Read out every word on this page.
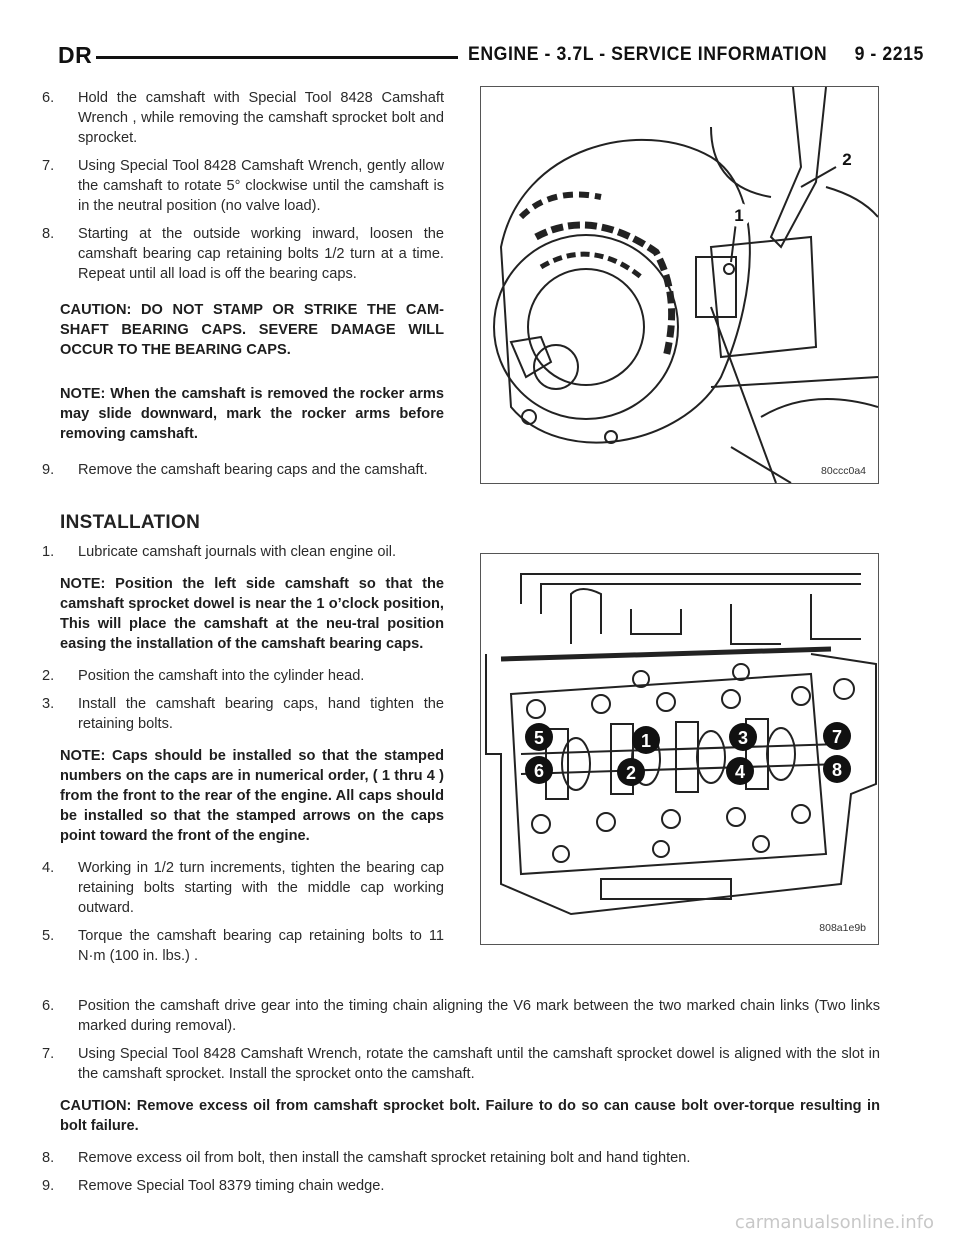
DR	ENGINE - 3.7L - SERVICE INFORMATION     9 - 2215
6. Hold the camshaft with Special Tool 8428 Camshaft Wrench , while removing the camshaft sprocket bolt and sprocket.
7. Using Special Tool 8428 Camshaft Wrench, gently allow the camshaft to rotate 5° clockwise until the camshaft is in the neutral position (no valve load).
8. Starting at the outside working inward, loosen the camshaft bearing cap retaining bolts 1/2 turn at a time. Repeat until all load is off the bearing caps.
CAUTION: DO NOT STAMP OR STRIKE THE CAM-SHAFT BEARING CAPS. SEVERE DAMAGE WILL OCCUR TO THE BEARING CAPS.
NOTE: When the camshaft is removed the rocker arms may slide downward, mark the rocker arms before removing camshaft.
9. Remove the camshaft bearing caps and the camshaft.
1
2
80ccc0a4
INSTALLATION
1. Lubricate camshaft journals with clean engine oil.
NOTE: Position the left side camshaft so that the camshaft sprocket dowel is near the 1 o’clock position, This will place the camshaft at the neu-tral position easing the installation of the camshaft bearing caps.
2. Position the camshaft into the cylinder head.
3. Install the camshaft bearing caps, hand tighten the retaining bolts.
NOTE: Caps should be installed so that the stamped numbers on the caps are in numerical order, ( 1 thru 4 ) from the front to the rear of the engine. All caps should be installed so that the stamped arrows on the caps point toward the front of the engine.
4. Working in 1/2 turn increments, tighten the bearing cap retaining bolts starting with the middle cap working outward.
5. Torque the camshaft bearing cap retaining bolts to 11 N·m (100 in. lbs.) .
5	1	3	7
6	2	4	8
808a1e9b
6. Position the camshaft drive gear into the timing chain aligning the V6 mark between the two marked chain links (Two links marked during removal).
7. Using Special Tool 8428 Camshaft Wrench, rotate the camshaft until the camshaft sprocket dowel is aligned with the slot in the camshaft sprocket. Install the sprocket onto the camshaft.
CAUTION: Remove excess oil from camshaft sprocket bolt. Failure to do so can cause bolt over-torque resulting in bolt failure.
8. Remove excess oil from bolt, then install the camshaft sprocket retaining bolt and hand tighten.
9. Remove Special Tool 8379 timing chain wedge.
carmanualsonline.info
